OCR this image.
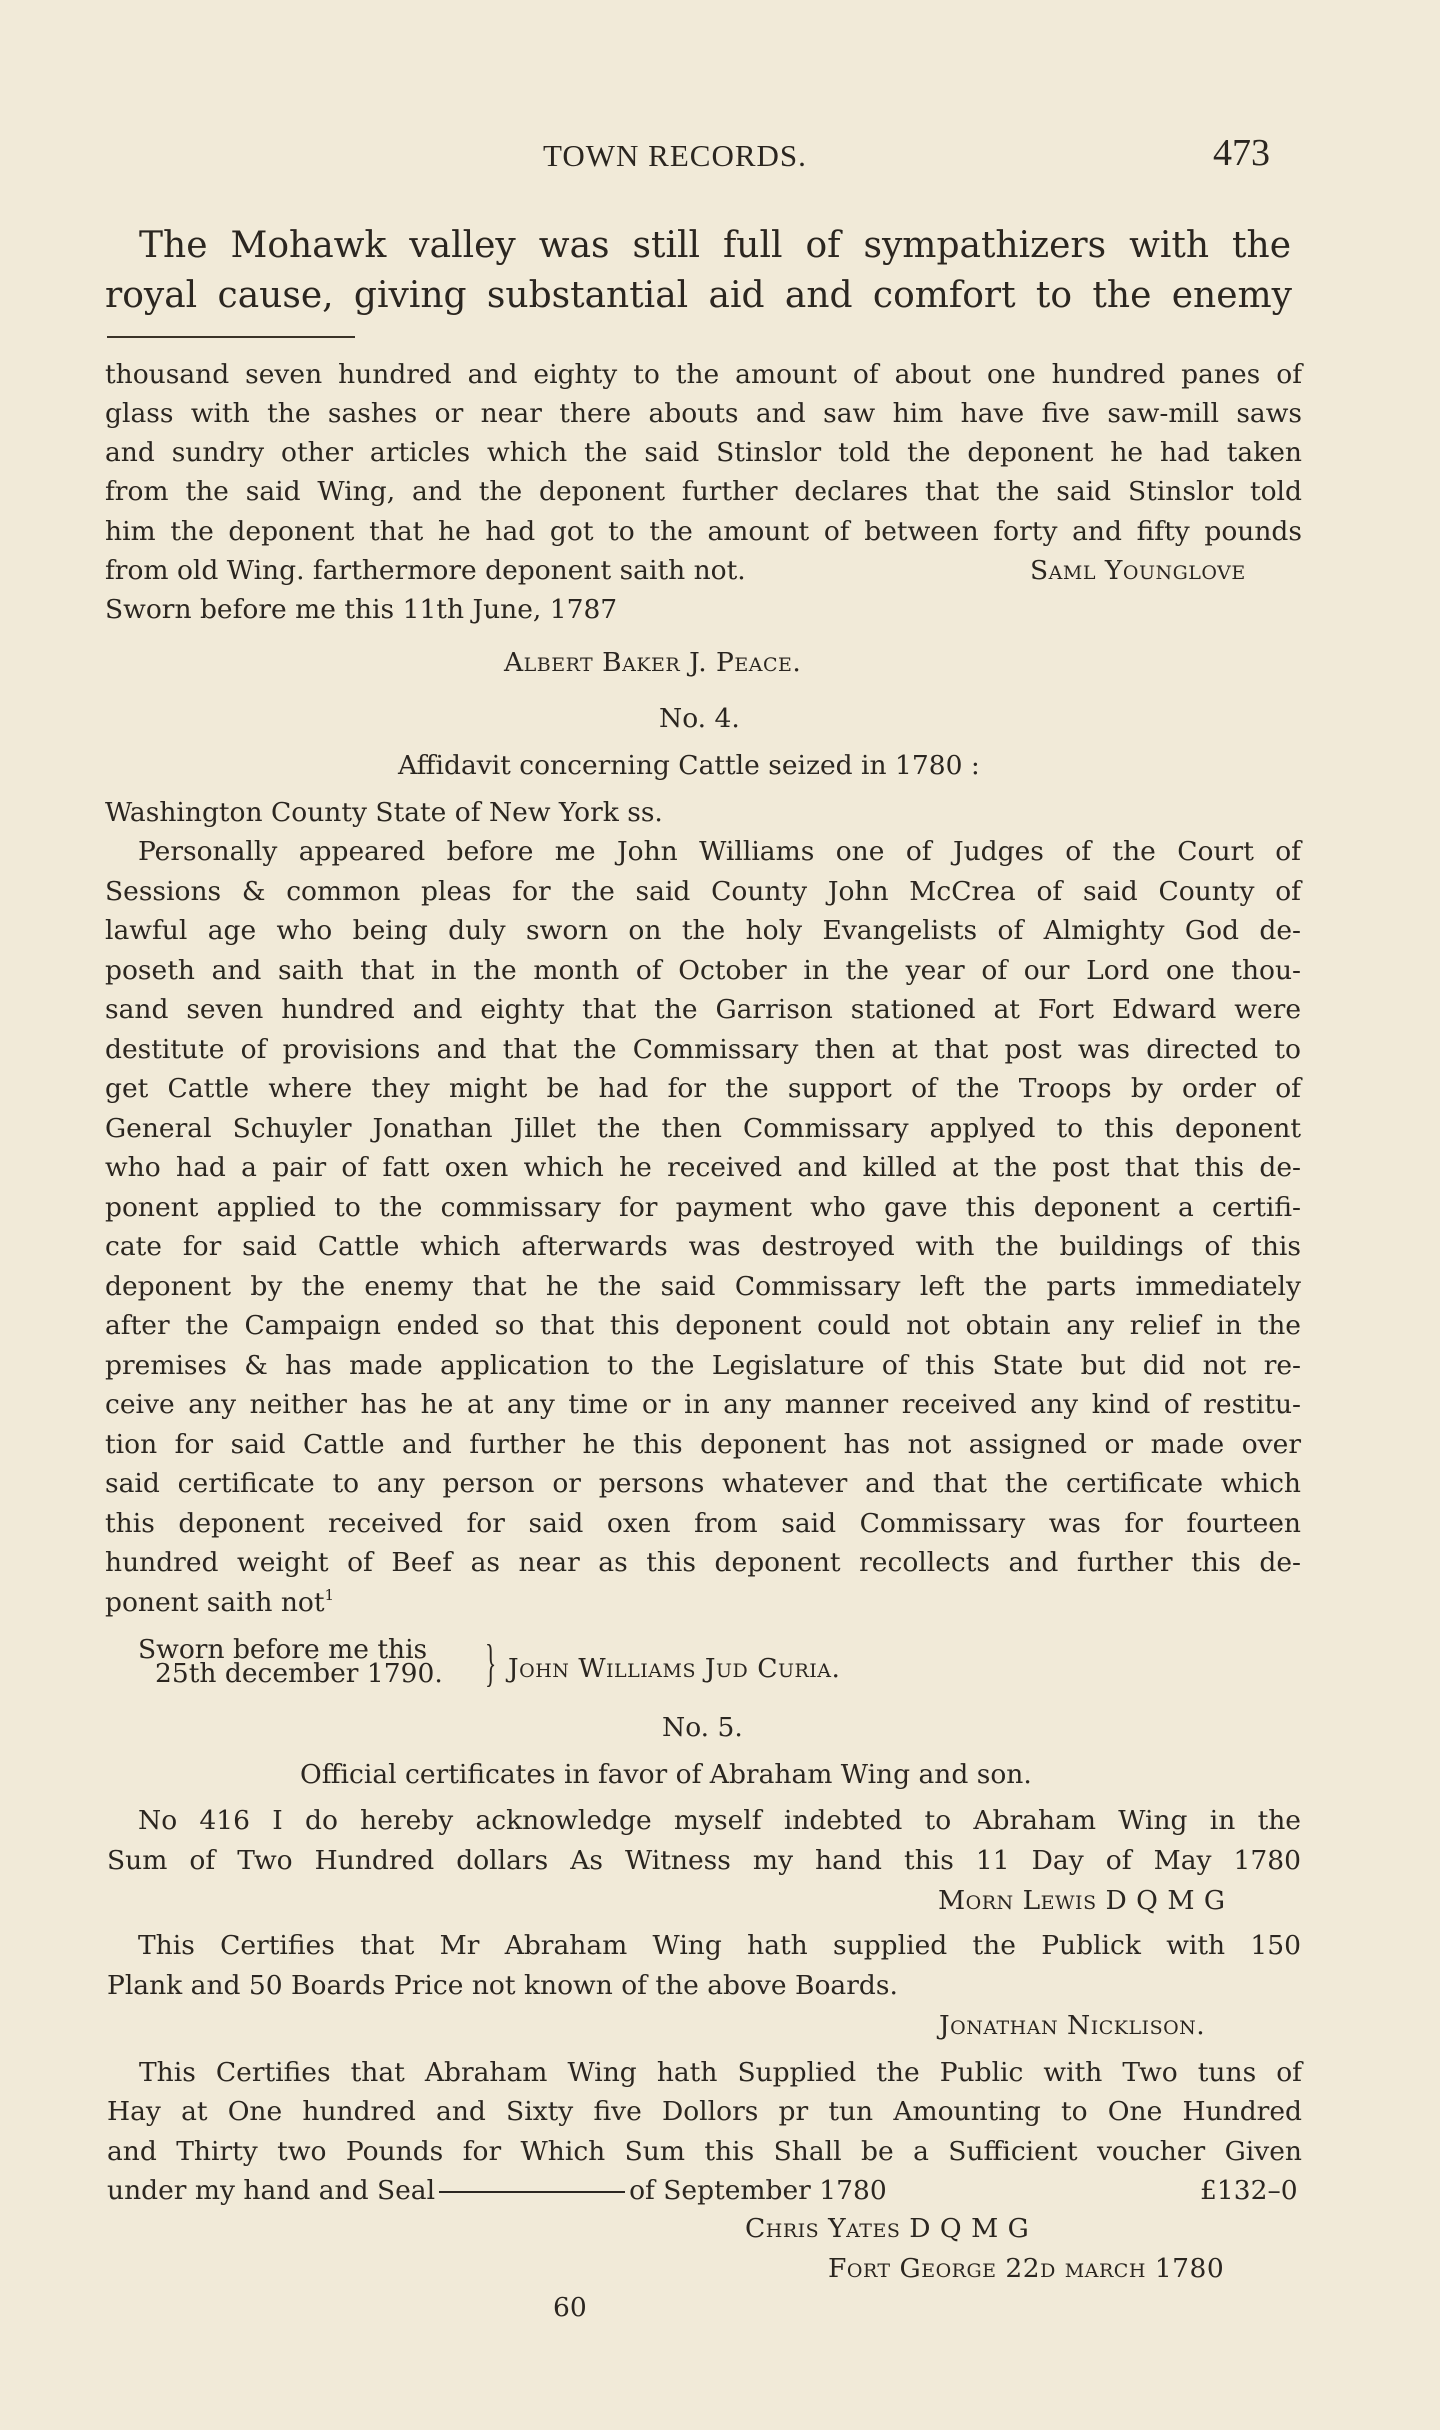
TOWN RECORDS.	473
The Mohawk valley was still full of sympathizers with the
royal cause, giving substantial aid and comfort to the enemy
thousand seven hundred and eighty to the amount of about one hundred panes of
glass with the sashes or near there abouts and saw him have five saw-mill saws
and sundry other articles which the said Stinslor told the deponent he had taken
from the said Wing, and the deponent further declares that the said Stinslor told
him the deponent that he had got to the amount of between forty and fifty pounds
from old Wing. farthermore deponent saith not.	Saml Younglove
Sworn before me this 11th June, 1787
Albert Baker J. Peace.
No. 4.
Affidavit concerning Cattle seized in 1780 :
Washington County State of New York ss.
Personally appeared before me John Williams one of Judges of the Court of
Sessions & common pleas for the said County John McCrea of said County of
lawful age who being duly sworn on the holy Evangelists of Almighty God de-
poseth and saith that in the month of October in the year of our Lord one thou-
sand seven hundred and eighty that the Garrison stationed at Fort Edward were
destitute of provisions and that the Commissary then at that post was directed to
get Cattle where they might be had for the support of the Troops by order of
General Schuyler Jonathan Jillet the then Commissary applyed to this deponent
who had a pair of fatt oxen which he received and killed at the post that this de-
ponent applied to the commissary for payment who gave this deponent a certifi-
cate for said Cattle which afterwards was destroyed with the buildings of this
deponent by the enemy that he the said Commissary left the parts immediately
after the Campaign ended so that this deponent could not obtain any relief in the
premises & has made application to the Legislature of this State but did not re-
ceive any neither has he at any time or in any manner received any kind of restitu-
tion for said Cattle and further he this deponent has not assigned or made over
said certificate to any person or persons whatever and that the certificate which
this deponent received for said oxen from said Commissary was for fourteen
hundred weight of Beef as near as this deponent recollects and further this de-
ponent saith not$^1$
Sworn before me this
25th december 1790. } John Williams Jud Curia.
No. 5.
Official certificates in favor of Abraham Wing and son.
No 416 I do hereby acknowledge myself indebted to Abraham Wing in the
Sum of Two Hundred dollars As Witness my hand this 11 Day of May 1780
Morn Lewis D Q M G
This Certifies that Mr Abraham Wing hath supplied the Publick with 150
Plank and 50 Boards Price not known of the above Boards.
Jonathan Nicklison.
This Certifies that Abraham Wing hath Supplied the Public with Two tuns of
Hay at One hundred and Sixty five Dollors pr tun Amounting to One Hundred
and Thirty two Pounds for Which Sum this Shall be a Sufficient voucher Given
under my hand and Seal	of September 1780	£132–0
Chris Yates D Q M G
Fort George 22d march 1780
60
